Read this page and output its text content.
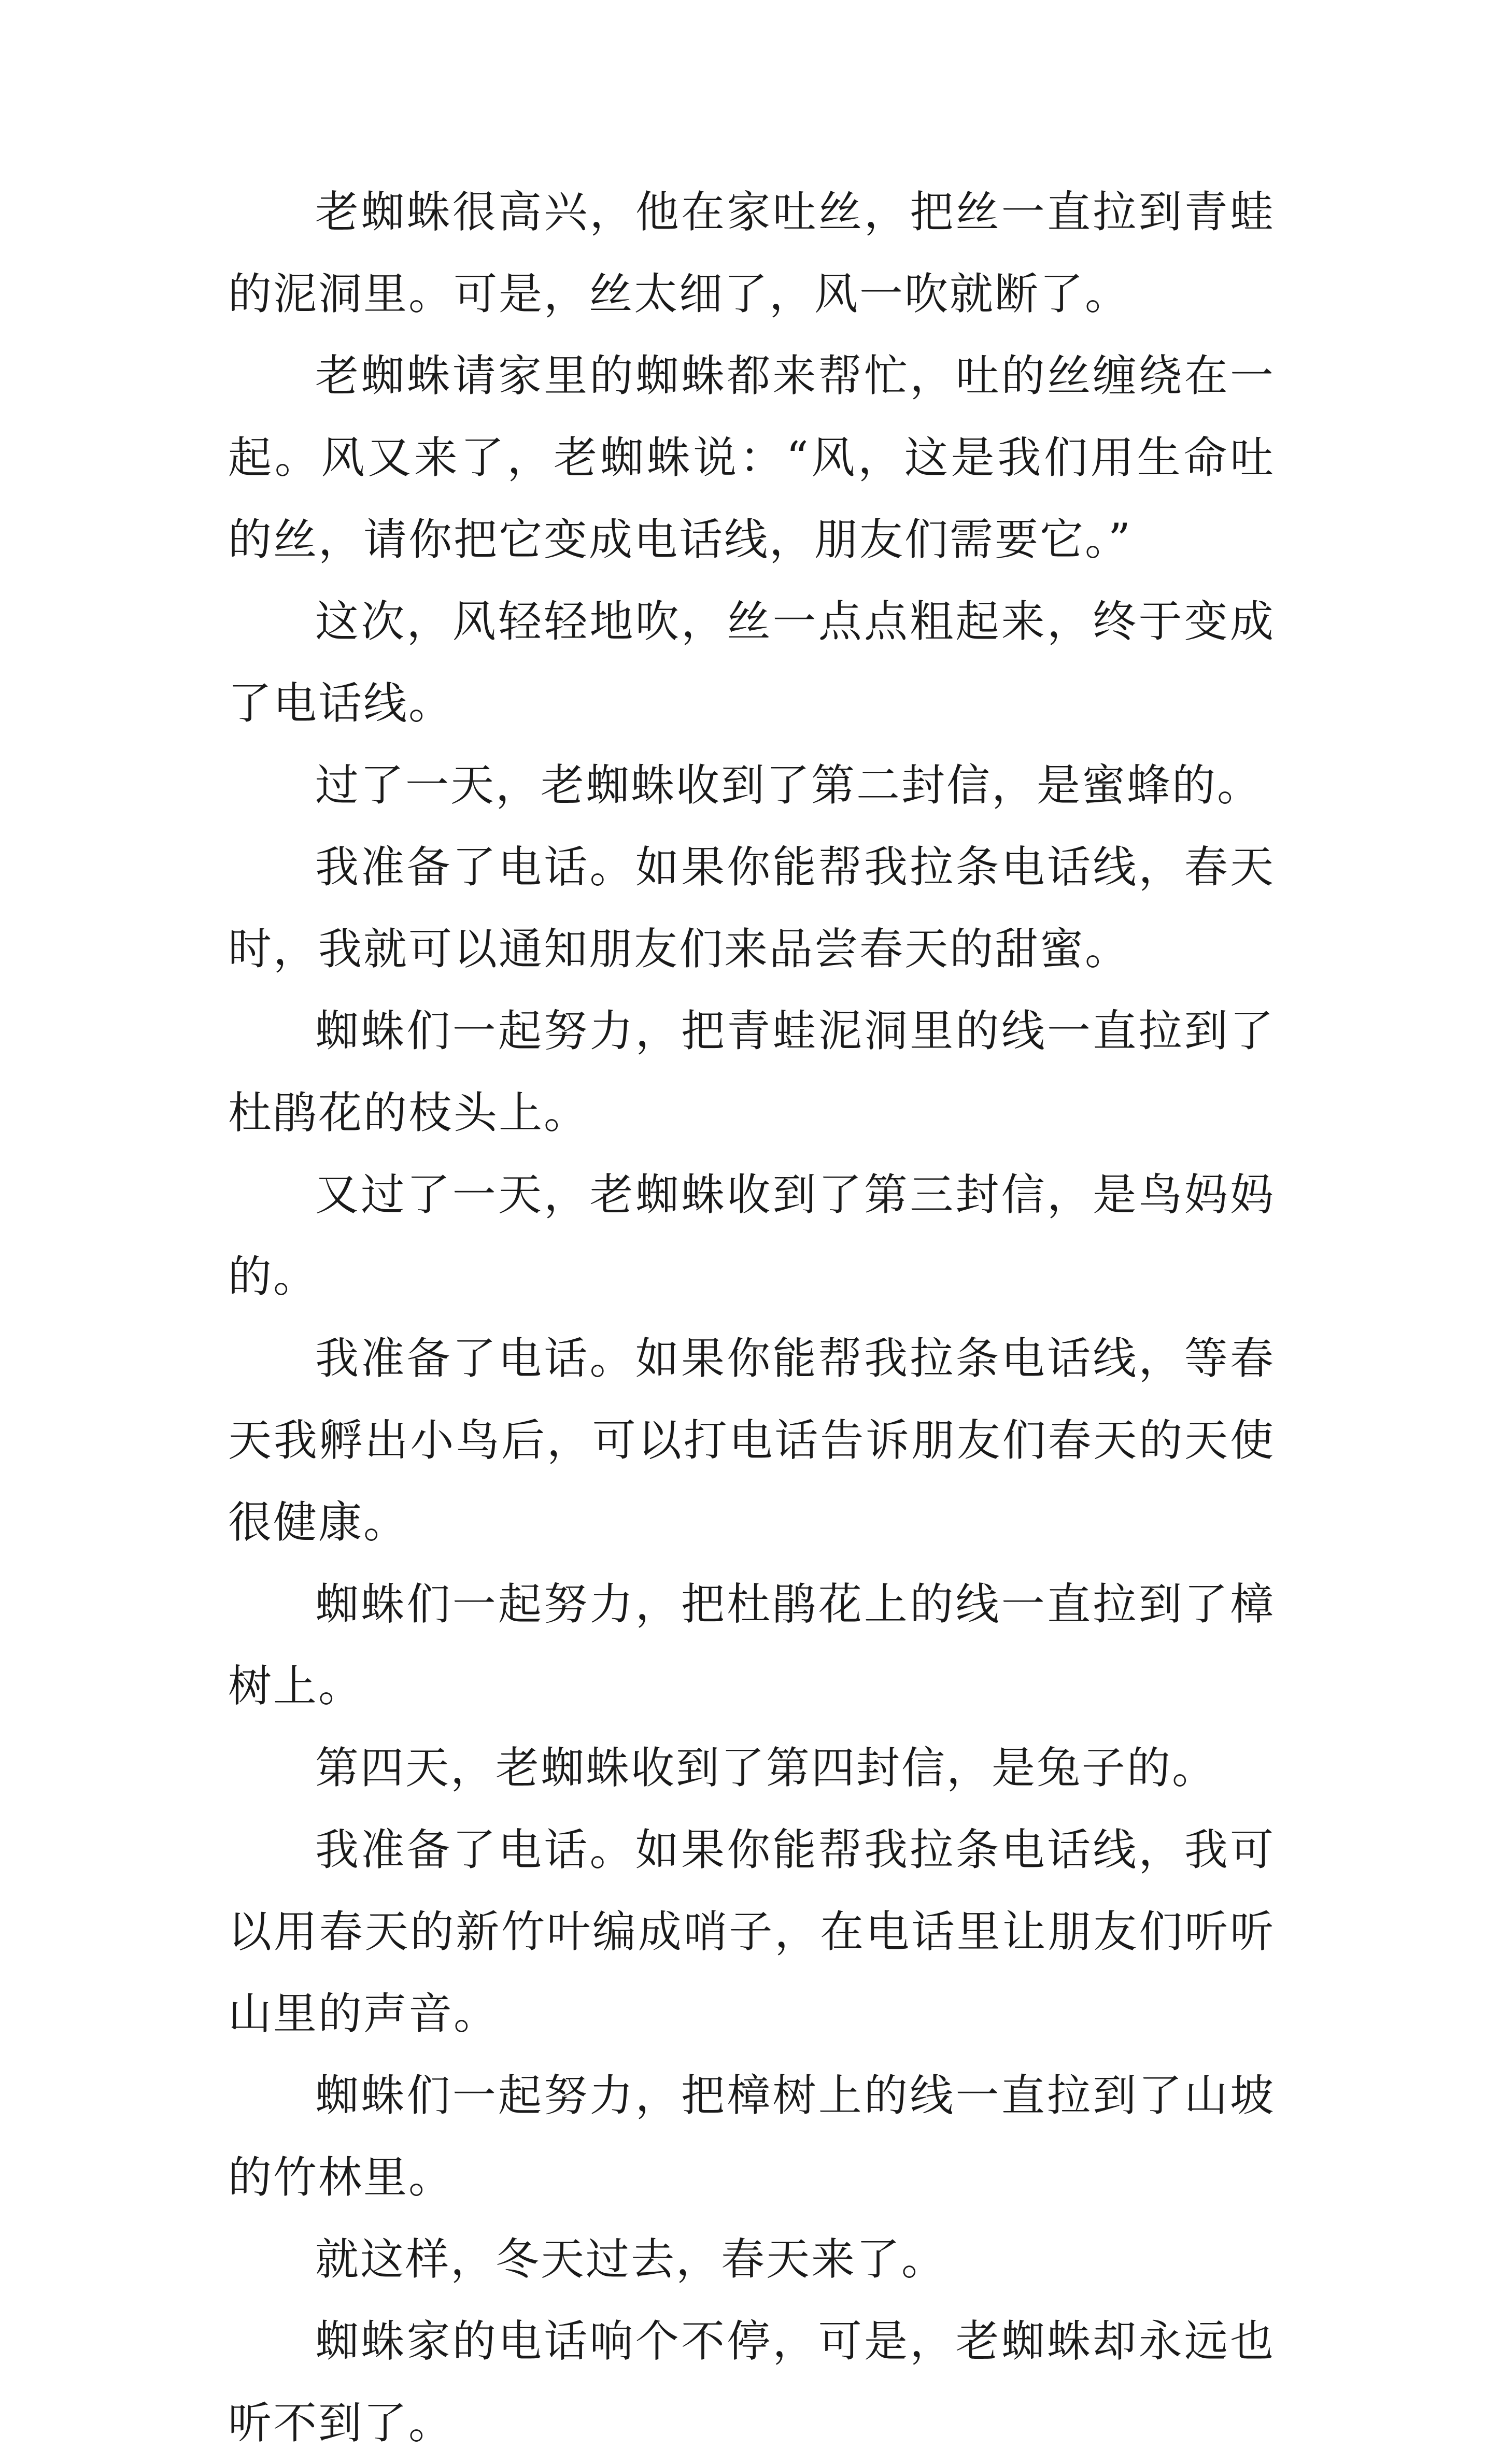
老蜘蛛很高兴，他在家吐丝，把丝一直拉到青蛙的泥洞里。可是，丝太细了，风一吹就断了。

老蜘蛛请家里的蜘蛛都来帮忙，吐的丝缠绕在一起。风又来了，老蜘蛛说：“风，这是我们用生命吐的丝，请你把它变成电话线，朋友们需要它。”

这次，风轻轻地吹，丝一点点粗起来，终于变成了电话线。

过了一天，老蜘蛛收到了第二封信，是蜜蜂的。

我准备了电话。如果你能帮我拉条电话线，春天时，我就可以通知朋友们来品尝春天的甜蜜。

蜘蛛们一起努力，把青蛙泥洞里的线一直拉到了杜鹃花的枝头上。

又过了一天，老蜘蛛收到了第三封信，是鸟妈妈的。

我准备了电话。如果你能帮我拉条电话线，等春天我孵出小鸟后，可以打电话告诉朋友们春天的天使很健康。

蜘蛛们一起努力，把杜鹃花上的线一直拉到了樟树上。

第四天，老蜘蛛收到了第四封信，是兔子的。

我准备了电话。如果你能帮我拉条电话线，我可以用春天的新竹叶编成哨子，在电话里让朋友们听听山里的声音。

蜘蛛们一起努力，把樟树上的线一直拉到了山坡的竹林里。

就这样，冬天过去，春天来了。

蜘蛛家的电话响个不停，可是，老蜘蛛却永远也听不到了。
